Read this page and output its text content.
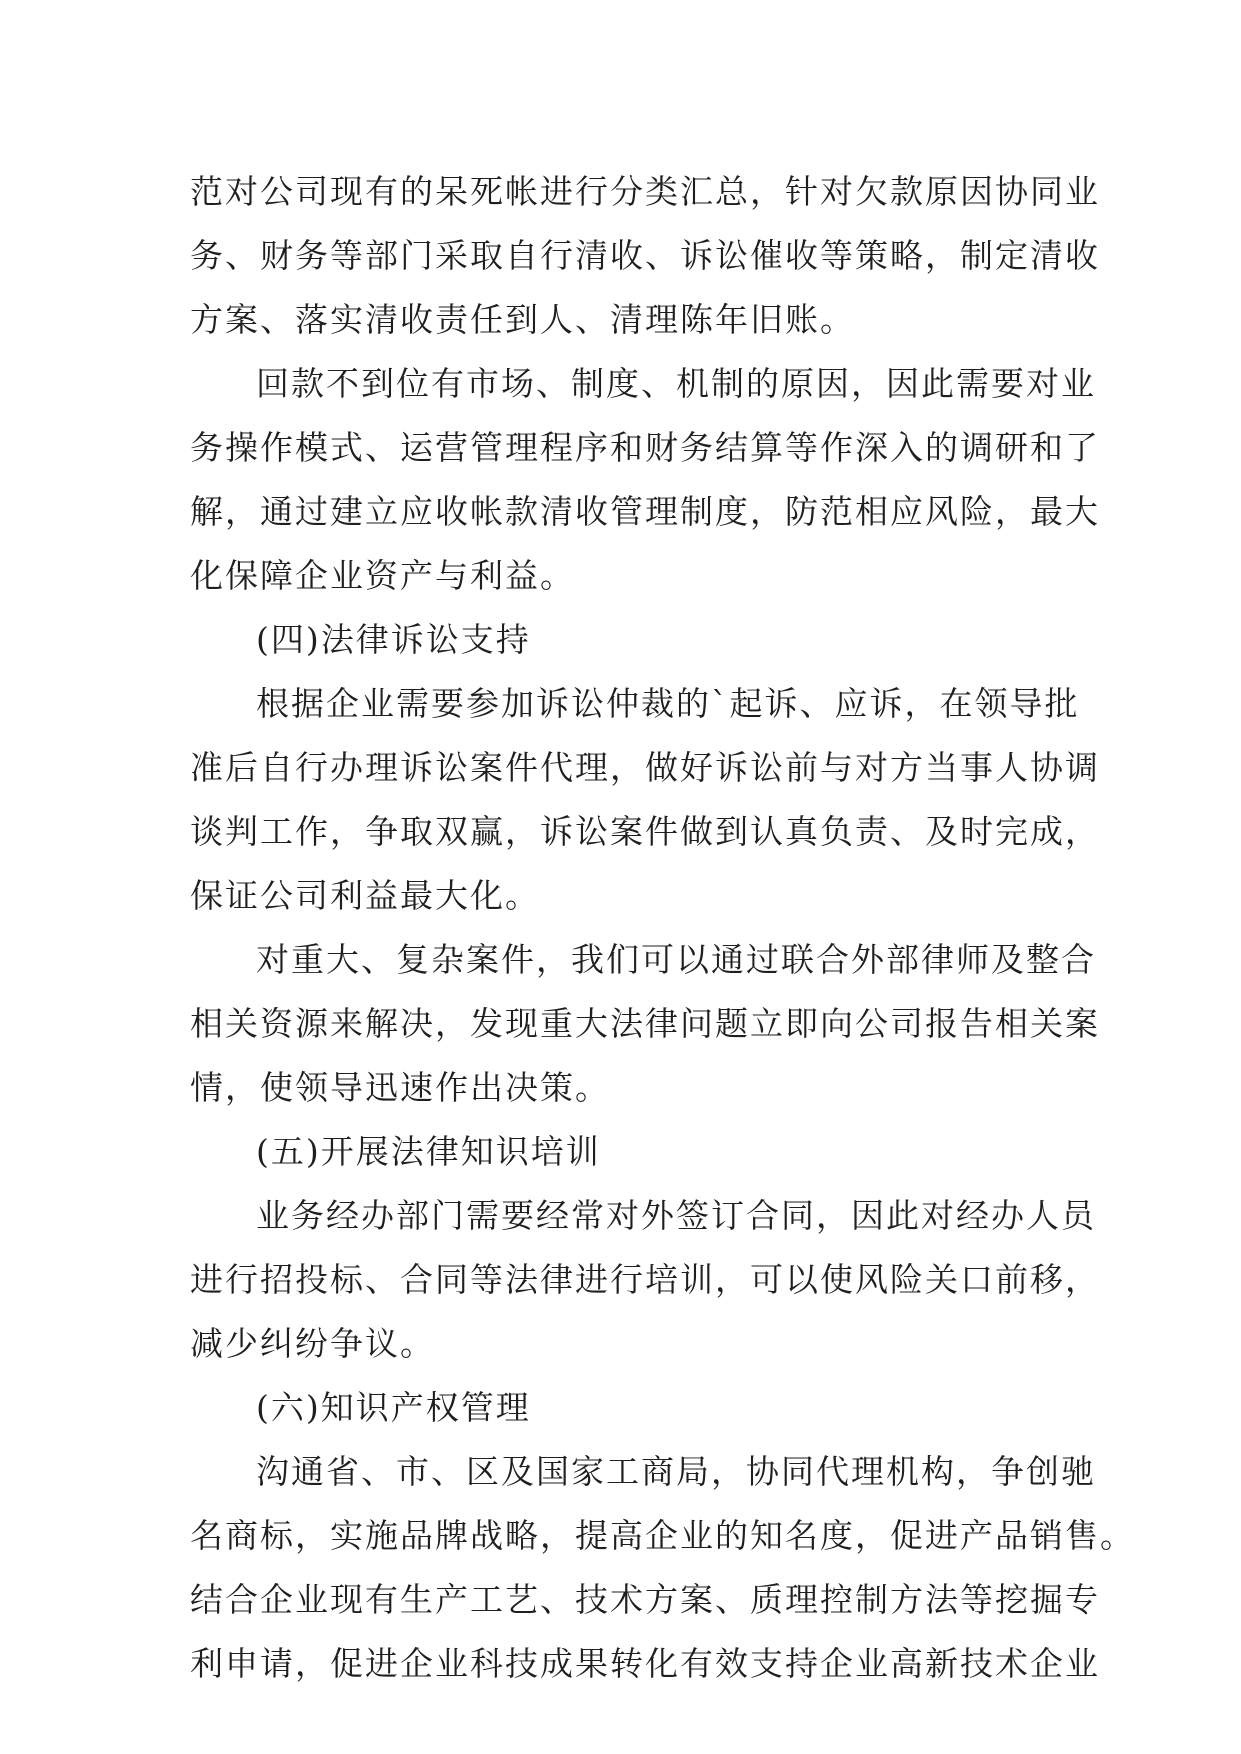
范对公司现有的呆死帐进行分类汇总，针对欠款原因协同业
务、财务等部门采取自行清收、诉讼催收等策略，制定清收
方案、落实清收责任到人、清理陈年旧账。
回款不到位有市场、制度、机制的原因，因此需要对业
务操作模式、运营管理程序和财务结算等作深入的调研和了
解，通过建立应收帐款清收管理制度，防范相应风险，最大
化保障企业资产与利益。
(四)法律诉讼支持
根据企业需要参加诉讼仲裁的`起诉、应诉，在领导批
准后自行办理诉讼案件代理，做好诉讼前与对方当事人协调
谈判工作，争取双赢，诉讼案件做到认真负责、及时完成，
保证公司利益最大化。
对重大、复杂案件，我们可以通过联合外部律师及整合
相关资源来解决，发现重大法律问题立即向公司报告相关案
情，使领导迅速作出决策。
(五)开展法律知识培训
业务经办部门需要经常对外签订合同，因此对经办人员
进行招投标、合同等法律进行培训，可以使风险关口前移，
减少纠纷争议。
(六)知识产权管理
沟通省、市、区及国家工商局，协同代理机构，争创驰
名商标，实施品牌战略，提高企业的知名度，促进产品销售。
结合企业现有生产工艺、技术方案、质理控制方法等挖掘专
利申请，促进企业科技成果转化有效支持企业高新技术企业
